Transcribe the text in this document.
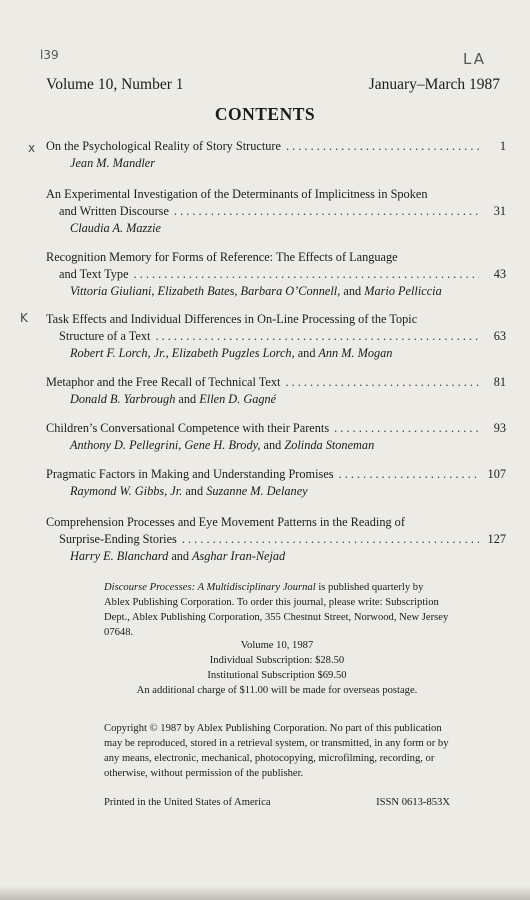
l39	LA
x
K
Volume 10, Number 1	January–March 1987
CONTENTS
On the Psychological Reality of Story Structure . . .	1
Jean M. Mandler
An Experimental Investigation of the Determinants of Implicitness in Spoken
and Written Discourse . . .	31
Claudia A. Mazzie
Recognition Memory for Forms of Reference: The Effects of Language
and Text Type . . .	43
Vittoria Giuliani, Elizabeth Bates, Barbara O’Connell, and Mario Pelliccia
Task Effects and Individual Differences in On-Line Processing of the Topic
Structure of a Text . . .	63
Robert F. Lorch, Jr., Elizabeth Pugzles Lorch, and Ann M. Mogan
Metaphor and the Free Recall of Technical Text . . .	81
Donald B. Yarbrough and Ellen D. Gagné
Children’s Conversational Competence with their Parents . . .	93
Anthony D. Pellegrini, Gene H. Brody, and Zolinda Stoneman
Pragmatic Factors in Making and Understanding Promises . . .	107
Raymond W. Gibbs, Jr. and Suzanne M. Delaney
Comprehension Processes and Eye Movement Patterns in the Reading of
Surprise-Ending Stories . . .	127
Harry E. Blanchard and Asghar Iran-Nejad
Discourse Processes: A Multidisciplinary Journal is published quarterly by Ablex Publishing Corporation. To order this journal, please write: Subscription Dept., Ablex Publishing Corporation, 355 Chestnut Street, Norwood, New Jersey 07648.
Volume 10, 1987
Individual Subscription: $28.50
Institutional Subscription $69.50
An additional charge of $11.00 will be made for overseas postage.
Copyright © 1987 by Ablex Publishing Corporation. No part of this publication may be reproduced, stored in a retrieval system, or transmitted, in any form or by any means, electronic, mechanical, photocopying, microfilming, recording, or otherwise, without permission of the publisher.
Printed in the United States of America	ISSN 0613-853X
